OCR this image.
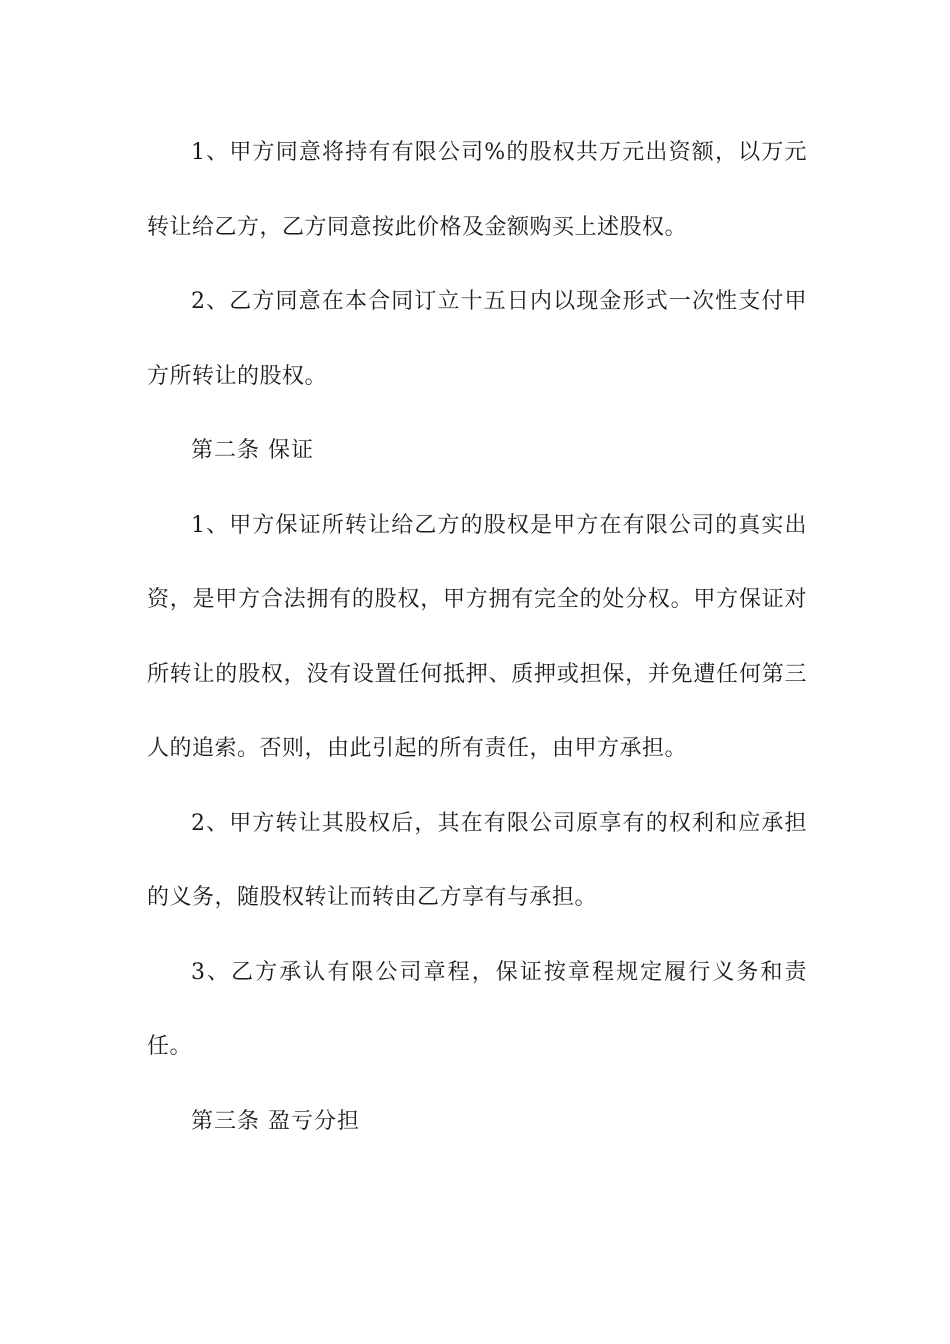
1、甲方同意将持有有限公司%的股权共万元出资额，以万元转让给乙方，乙方同意按此价格及金额购买上述股权。

2、乙方同意在本合同订立十五日内以现金形式一次性支付甲方所转让的股权。

第二条 保证

1、甲方保证所转让给乙方的股权是甲方在有限公司的真实出资，是甲方合法拥有的股权，甲方拥有完全的处分权。甲方保证对所转让的股权，没有设置任何抵押、质押或担保，并免遭任何第三人的追索。否则，由此引起的所有责任，由甲方承担。

2、甲方转让其股权后，其在有限公司原享有的权利和应承担的义务，随股权转让而转由乙方享有与承担。

3、乙方承认有限公司章程，保证按章程规定履行义务和责任。

第三条 盈亏分担
